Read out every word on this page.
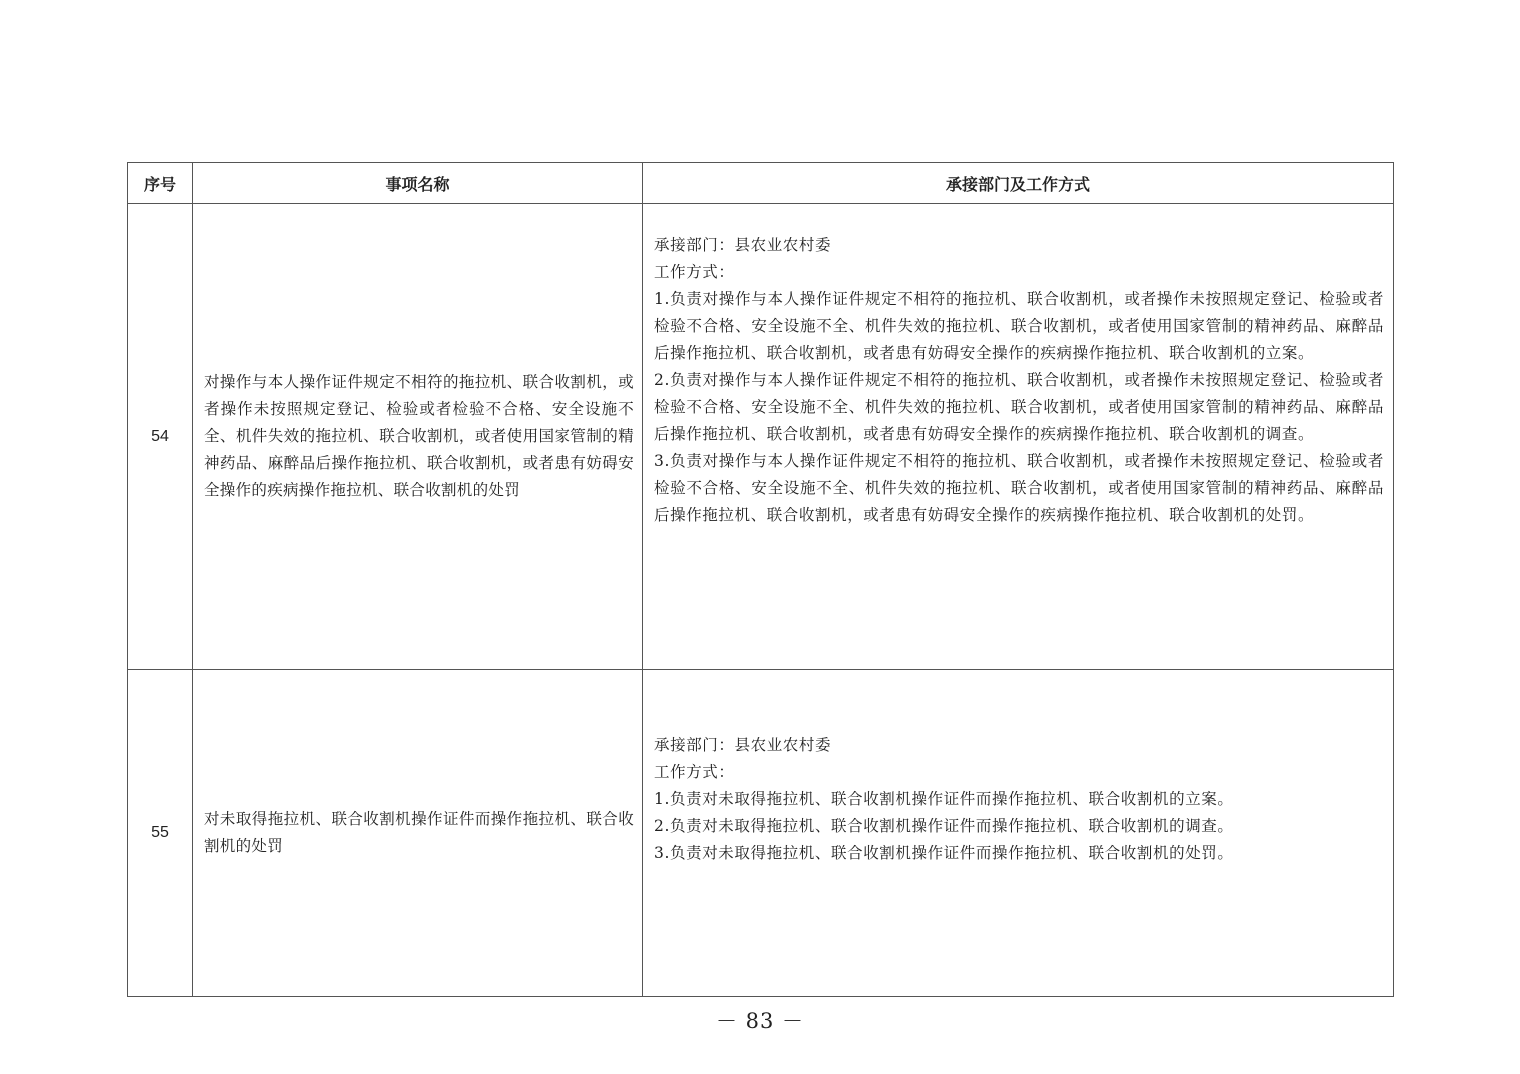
序号	事项名称	承接部门及工作方式
54	对操作与本人操作证件规定不相符的拖拉机、联合收割机，或者操作未按照规定登记、检验或者检验不合格、安全设施不全、机件失效的拖拉机、联合收割机，或者使用国家管制的精神药品、麻醉品后操作拖拉机、联合收割机，或者患有妨碍安全操作的疾病操作拖拉机、联合收割机的处罚	承接部门：县农业农村委
工作方式：
1.负责对操作与本人操作证件规定不相符的拖拉机、联合收割机，或者操作未按照规定登记、检验或者检验不合格、安全设施不全、机件失效的拖拉机、联合收割机，或者使用国家管制的精神药品、麻醉品后操作拖拉机、联合收割机，或者患有妨碍安全操作的疾病操作拖拉机、联合收割机的立案。
2.负责对操作与本人操作证件规定不相符的拖拉机、联合收割机，或者操作未按照规定登记、检验或者检验不合格、安全设施不全、机件失效的拖拉机、联合收割机，或者使用国家管制的精神药品、麻醉品后操作拖拉机、联合收割机，或者患有妨碍安全操作的疾病操作拖拉机、联合收割机的调查。
3.负责对操作与本人操作证件规定不相符的拖拉机、联合收割机，或者操作未按照规定登记、检验或者检验不合格、安全设施不全、机件失效的拖拉机、联合收割机，或者使用国家管制的精神药品、麻醉品后操作拖拉机、联合收割机，或者患有妨碍安全操作的疾病操作拖拉机、联合收割机的处罚。

55	对未取得拖拉机、联合收割机操作证件而操作拖拉机、联合收割机的处罚	承接部门：县农业农村委
工作方式：
1.负责对未取得拖拉机、联合收割机操作证件而操作拖拉机、联合收割机的立案。
2.负责对未取得拖拉机、联合收割机操作证件而操作拖拉机、联合收割机的调查。
3.负责对未取得拖拉机、联合收割机操作证件而操作拖拉机、联合收割机的处罚。
－ 83 －
